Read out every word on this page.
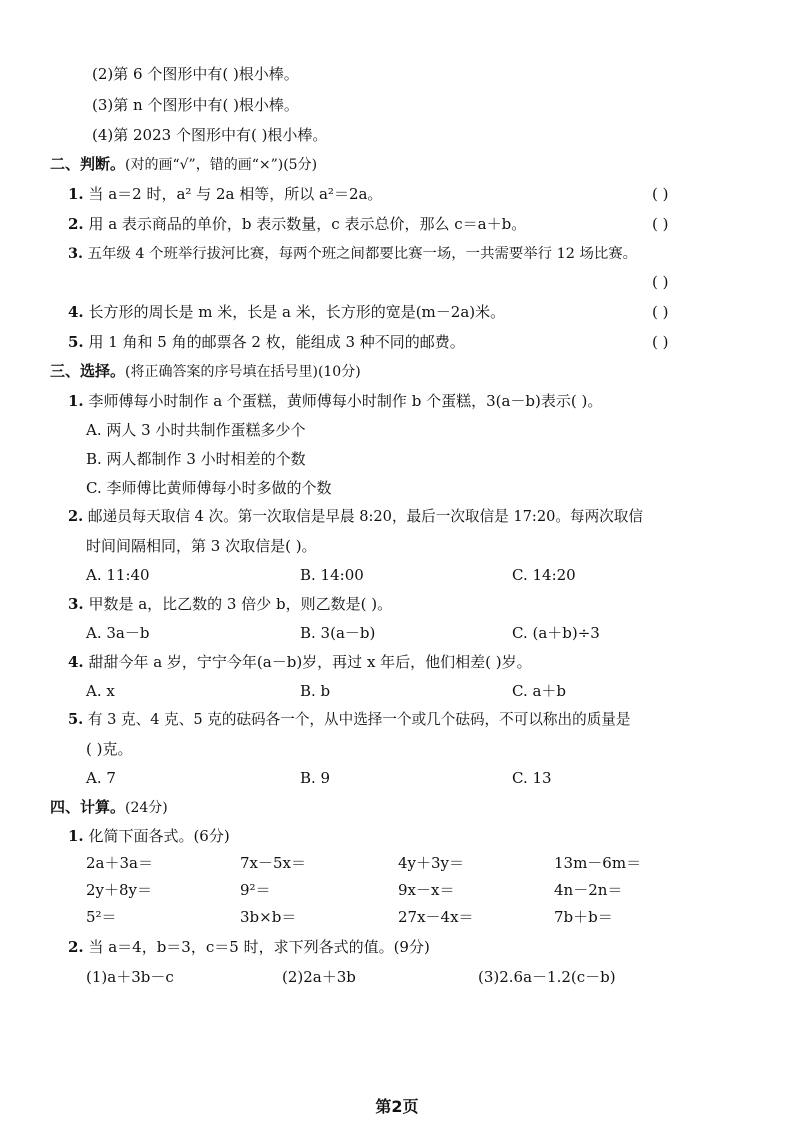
(2)第 6 个图形中有( )根小棒。
(3)第 n 个图形中有( )根小棒。
(4)第 2023 个图形中有( )根小棒。
二、判断。(对的画“√”，错的画“×”)(5分)
1. 当 a＝2 时，a² 与 2a 相等，所以 a²＝2a。	( )
2. 用 a 表示商品的单价，b 表示数量，c 表示总价，那么 c＝a＋b。	( )
3. 五年级 4 个班举行拔河比赛，每两个班之间都要比赛一场，一共需要举行 12 场比赛。
( )
4. 长方形的周长是 m 米，长是 a 米，长方形的宽是(m－2a)米。	( )
5. 用 1 角和 5 角的邮票各 2 枚，能组成 3 种不同的邮费。	( )
三、选择。(将正确答案的序号填在括号里)(10分)
1. 李师傅每小时制作 a 个蛋糕，黄师傅每小时制作 b 个蛋糕，3(a－b)表示( )。
A. 两人 3 小时共制作蛋糕多少个
B. 两人都制作 3 小时相差的个数
C. 李师傅比黄师傅每小时多做的个数
2. 邮递员每天取信 4 次。第一次取信是早晨 8:20，最后一次取信是 17:20。每两次取信
时间间隔相同，第 3 次取信是( )。
A. 11:40	B. 14:00	C. 14:20
3. 甲数是 a，比乙数的 3 倍少 b，则乙数是( )。
A. 3a－b	B. 3(a－b)	C. (a＋b)÷3
4. 甜甜今年 a 岁，宁宁今年(a－b)岁，再过 x 年后，他们相差( )岁。
A. x	B. b	C. a＋b
5. 有 3 克、4 克、5 克的砝码各一个，从中选择一个或几个砝码，不可以称出的质量是
( )克。
A. 7	B. 9	C. 13
四、计算。(24分)
1. 化简下面各式。(6分)
2a＋3a＝	7x－5x＝	4y＋3y＝	13m－6m＝
2y＋8y＝	9²＝	9x－x＝	4n－2n＝
5²＝	3b×b＝	27x－4x＝	7b＋b＝
2. 当 a＝4，b＝3，c＝5 时，求下列各式的值。(9分)
(1)a＋3b－c	(2)2a＋3b	(3)2.6a－1.2(c－b)
第2页
